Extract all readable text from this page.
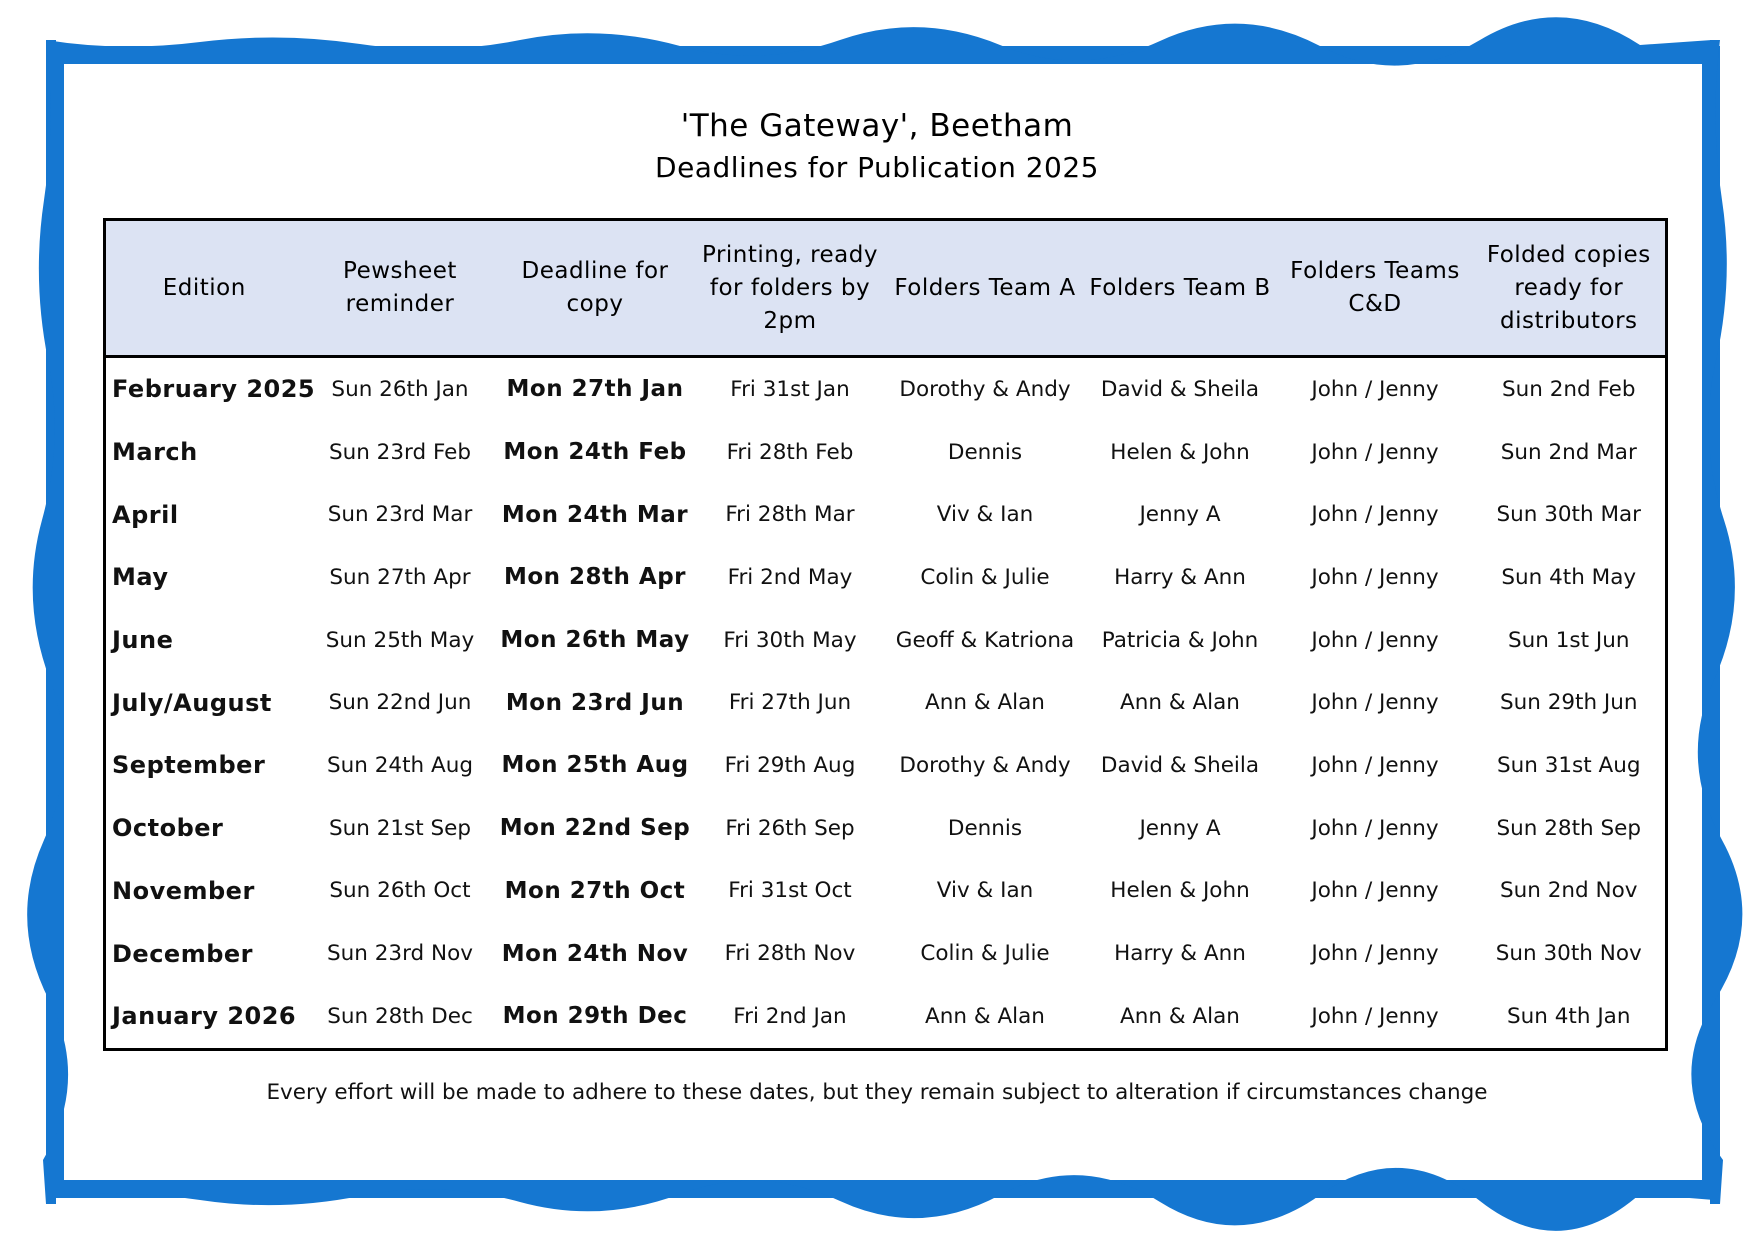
'The Gateway', Beetham
Deadlines for Publication 2025
Edition	Pewsheet reminder	Deadline for copy	Printing, ready for folders by 2pm	Folders Team A	Folders Team B	Folders Teams C&D	Folded copies ready for distributors
February 2025	Sun 26th Jan	Mon 27th Jan	Fri 31st Jan	Dorothy & Andy	David & Sheila	John / Jenny	Sun 2nd Feb
March	Sun 23rd Feb	Mon 24th Feb	Fri 28th Feb	Dennis	Helen & John	John / Jenny	Sun 2nd Mar
April	Sun 23rd Mar	Mon 24th Mar	Fri 28th Mar	Viv & Ian	Jenny A	John / Jenny	Sun 30th Mar
May	Sun 27th Apr	Mon 28th Apr	Fri 2nd May	Colin & Julie	Harry & Ann	John / Jenny	Sun 4th May
June	Sun 25th May	Mon 26th May	Fri 30th May	Geoff & Katriona	Patricia & John	John / Jenny	Sun 1st Jun
July/August	Sun 22nd Jun	Mon 23rd Jun	Fri 27th Jun	Ann & Alan	Ann & Alan	John / Jenny	Sun 29th Jun
September	Sun 24th Aug	Mon 25th Aug	Fri 29th Aug	Dorothy & Andy	David & Sheila	John / Jenny	Sun 31st Aug
October	Sun 21st Sep	Mon 22nd Sep	Fri 26th Sep	Dennis	Jenny A	John / Jenny	Sun 28th Sep
November	Sun 26th Oct	Mon 27th Oct	Fri 31st Oct	Viv & Ian	Helen & John	John / Jenny	Sun 2nd Nov
December	Sun 23rd Nov	Mon 24th Nov	Fri 28th Nov	Colin & Julie	Harry & Ann	John / Jenny	Sun 30th Nov
January 2026	Sun 28th Dec	Mon 29th Dec	Fri 2nd Jan	Ann & Alan	Ann & Alan	John / Jenny	Sun 4th Jan
Every effort will be made to adhere to these dates, but they remain subject to alteration if circumstances change
